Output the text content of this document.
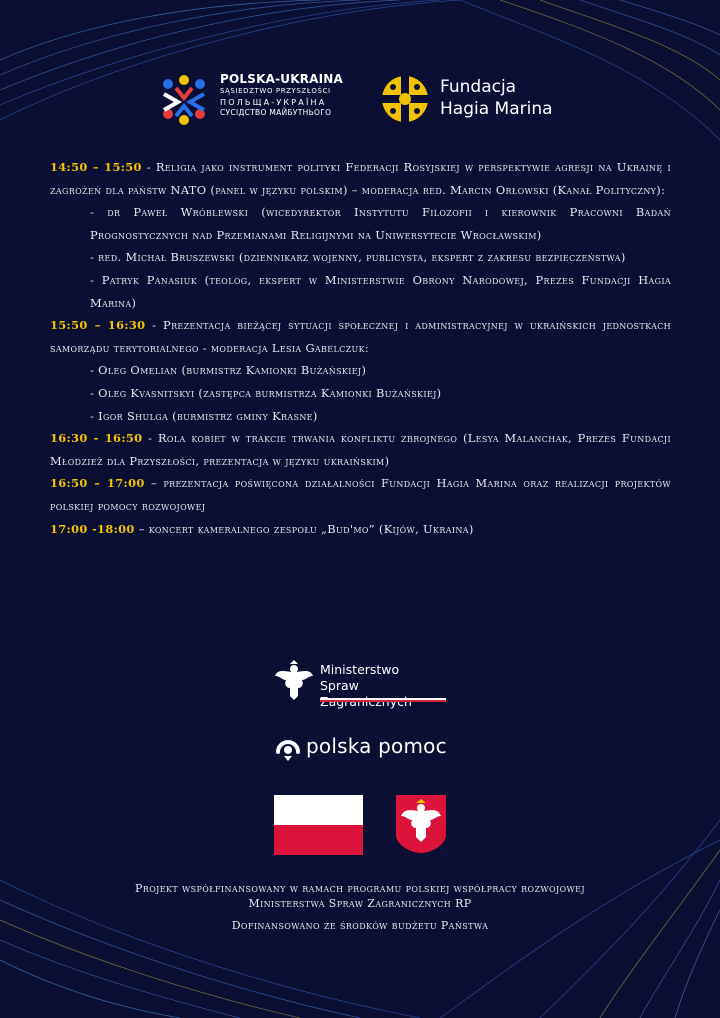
POLSKA-UKRAINA
SĄSIEDZTWO PRZYSZŁOŚCI
ПОЛЬЩА-УКРАЇНА
СУСІДСТВО МАЙБУТНЬОГО
Fundacja
Hagia Marina

14:50 – 15:50 - Religia jako instrument polityki Federacji Rosyjskiej w perspektywie agresji na Ukrainę i zagrożeń dla państw NATO (panel w języku polskim) – moderacja red. Marcin Orłowski (Kanał Polityczny):

- dr Paweł Wróblewski (wicedyrektor Instytutu Filozofii i kierownik Pracowni Badań Prognostycznych nad Przemianami Religijnymi na Uniwersytecie Wrocławskim)

- red. Michał Bruszewski (dziennikarz wojenny, publicysta, ekspert z zakresu bezpieczeństwa)

- Patryk Panasiuk (teolog, ekspert w Ministerstwie Obrony Narodowej, Prezes Fundacji Hagia Marina)

15:50 – 16:30 - Prezentacja bieżącej sytuacji społecznej i administracyjnej w ukraińskich jednostkach samorządu terytorialnego - moderacja Lesia Gabelczuk:

- Oleg Omelian (burmistrz Kamionki Bużańskiej)

- Oleg Kvasnitskyi (zastępca burmistrza Kamionki Bużańskiej)

- Igor Shulga (burmistrz gminy Krasne)

16:30 - 16:50 - Rola kobiet w trakcie trwania konfliktu zbrojnego (Lesya Malanchak, Prezes Fundacji Młodzież dla Przyszłości, prezentacja w języku ukraińskim)

16:50 – 17:00 – prezentacja poświęcona działalności Fundacji Hagia Marina oraz realizacji projektów polskiej pomocy rozwojowej

17:00 -18:00 – koncert kameralnego zespołu „Bud'mo” (Kijów, Ukraina)

Ministerstwo
Spraw
polska pomoc
Projekt współfinansowany w ramach programu polskiej współpracy rozwojowej
Ministerstwa Spraw Zagranicznych RP
Dofinansowano ze środków budżetu Państwa
